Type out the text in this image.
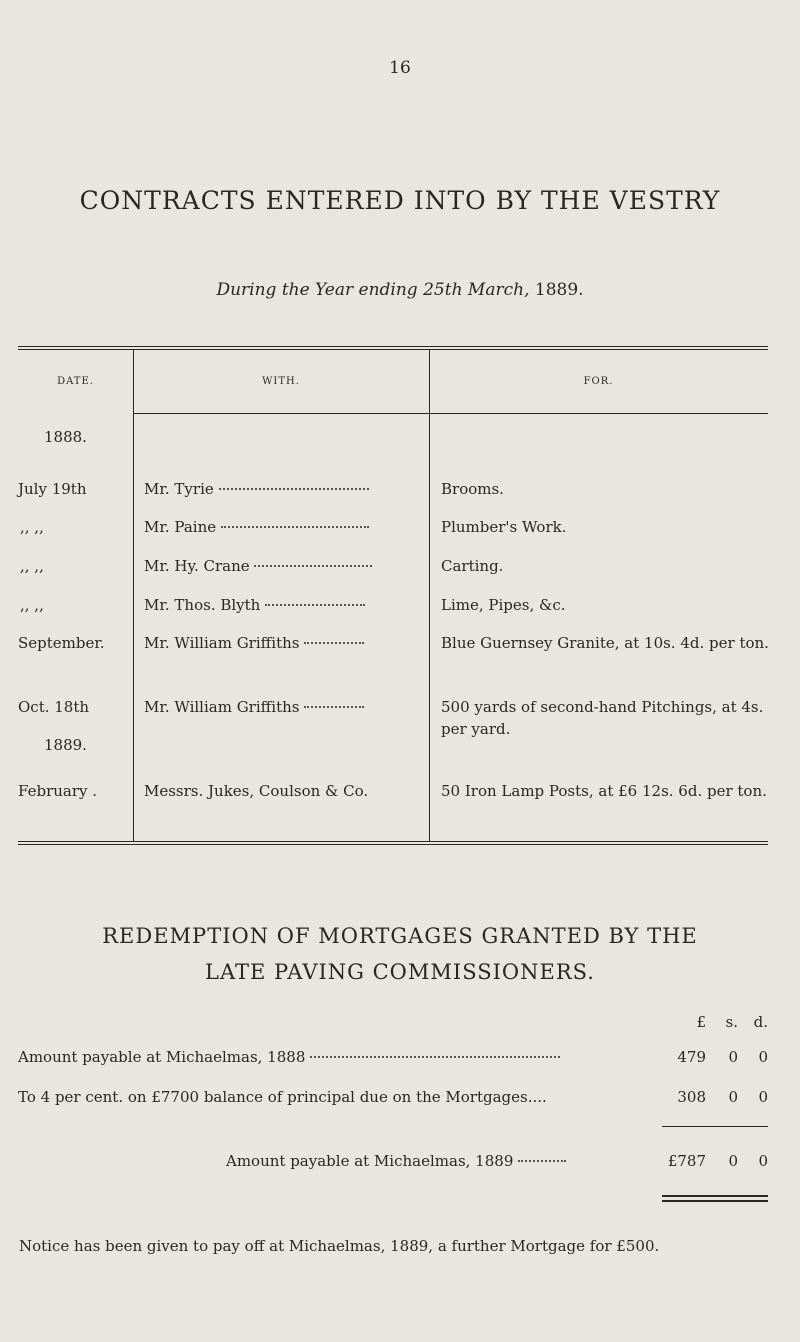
16
CONTRACTS ENTERED INTO BY THE VESTRY
During the Year ending 25th March, 1889.
DATE.	WITH.	FOR.
1888.
July 19th	Mr. Tyrie	Brooms.
,, ,,	Mr. Paine	Plumber's Work.
,, ,,	Mr. Hy. Crane	Carting.
,, ,,	Mr. Thos. Blyth	Lime, Pipes, &c.
September.	Mr. William Griffiths	Blue Guernsey Granite, at 10s. 4d. per ton.
Oct. 18th	Mr. William Griffiths	500 yards of second-hand Pitchings, at 4s. per yard.
1889.
February .	Messrs. Jukes, Coulson & Co.	50 Iron Lamp Posts, at £6 12s. 6d. per ton.
REDEMPTION OF MORTGAGES GRANTED BY THE
LATE PAVING COMMISSIONERS.
£	s. d.
Amount payable at Michaelmas, 1888	479	0	0
To 4 per cent. on £7700 balance of principal due on the Mortgages....	308	0	0
Amount payable at Michaelmas, 1889	£787	0	0
Notice has been given to pay off at Michaelmas, 1889, a further Mortgage for £500.
